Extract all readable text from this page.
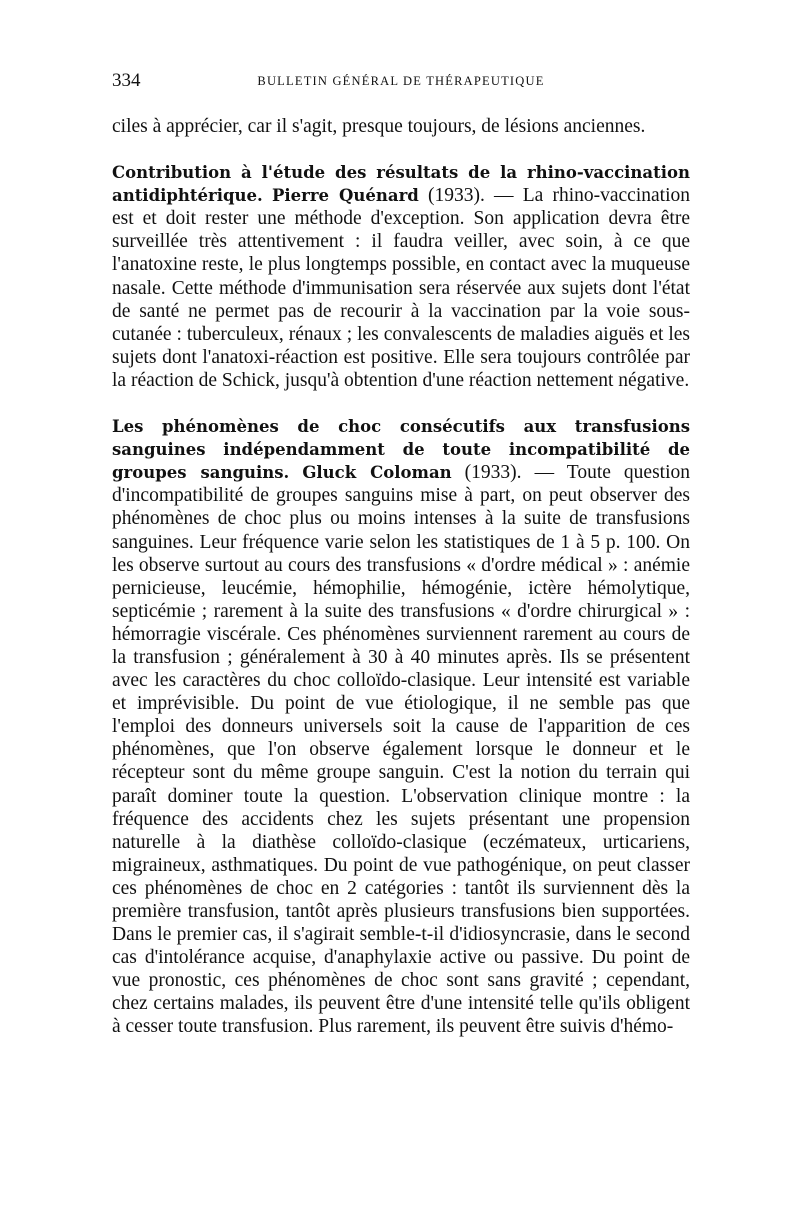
334	BULLETIN GÉNÉRAL DE THÉRAPEUTIQUE

ciles à apprécier, car il s'agit, presque toujours, de lésions anciennes.

Contribution à l'étude des résultats de la rhino-vaccination antidiphtérique. Pierre Quénard (1933). — La rhino-vaccination est et doit rester une méthode d'exception. Son application devra être surveillée très attentivement : il faudra veiller, avec soin, à ce que l'anatoxine reste, le plus longtemps possible, en contact avec la muqueuse nasale. Cette méthode d'immunisation sera réservée aux sujets dont l'état de santé ne permet pas de recourir à la vaccination par la voie sous-cutanée : tuberculeux, rénaux ; les convalescents de maladies aiguës et les sujets dont l'anatoxi-réaction est positive. Elle sera toujours contrôlée par la réaction de Schick, jusqu'à obtention d'une réaction nettement négative.

Les phénomènes de choc consécutifs aux transfusions sanguines indépendamment de toute incompatibilité de groupes sanguins. Gluck Coloman (1933). — Toute question d'incompatibilité de groupes sanguins mise à part, on peut observer des phénomènes de choc plus ou moins intenses à la suite de transfusions sanguines. Leur fréquence varie selon les statistiques de 1 à 5 p. 100. On les observe surtout au cours des transfusions « d'ordre médical » : anémie pernicieuse, leucémie, hémophilie, hémogénie, ictère hémolytique, septicémie ; rarement à la suite des transfusions « d'ordre chirurgical » : hémorragie viscérale. Ces phénomènes surviennent rarement au cours de la transfusion ; généralement à 30 à 40 minutes après. Ils se présentent avec les caractères du choc colloïdo-clasique. Leur intensité est variable et imprévisible. Du point de vue étiologique, il ne semble pas que l'emploi des donneurs universels soit la cause de l'apparition de ces phénomènes, que l'on observe également lorsque le donneur et le récepteur sont du même groupe sanguin. C'est la notion du terrain qui paraît dominer toute la question. L'observation clinique montre : la fréquence des accidents chez les sujets présentant une propension naturelle à la diathèse colloïdo-clasique (eczémateux, urticariens, migraineux, asthmatiques. Du point de vue pathogénique, on peut classer ces phénomènes de choc en 2 catégories : tantôt ils surviennent dès la première transfusion, tantôt après plusieurs transfusions bien supportées. Dans le premier cas, il s'agirait semble-t-il d'idiosyncrasie, dans le second cas d'intolérance acquise, d'anaphylaxie active ou passive. Du point de vue pronostic, ces phénomènes de choc sont sans gravité ; cependant, chez certains malades, ils peuvent être d'une intensité telle qu'ils obligent à cesser toute transfusion. Plus rarement, ils peuvent être suivis d'hémo-
